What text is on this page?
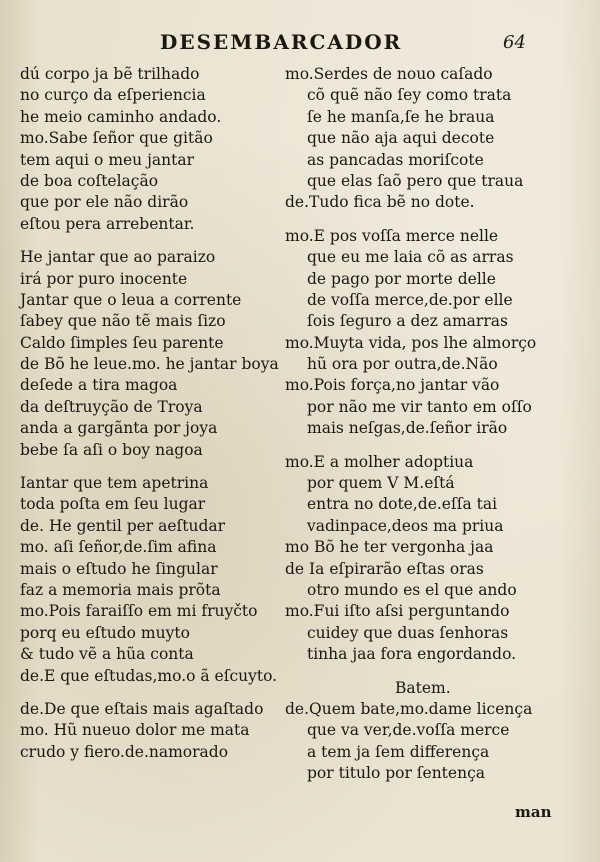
DESEMBARCADOR	64
dú corpo ja bẽ trilhado
no curço da eſperiencia
he meio caminho andado.
mo.Sabe ſeñor que gitão
tem aqui o meu jantar
de boa coſtelação
que por ele não dirão
eſtou pera arrebentar.
He jantar que ao paraizo
irá por puro inocente
Jantar que o leua a corrente
ſabey que não tẽ mais ſizo
Caldo ſimples ſeu parente
de Bõ he leue.mo. he jantar boya
deſede a tira magoa
da deſtruyção de Troya
anda a gargãnta por joya
bebe ſa aſi o boy nagoa
Iantar que tem apetrina
toda poſta em ſeu lugar
de. He gentil per aeſtudar
mo. aſi ſeñor,de.ſim afina
mais o eſtudo he ſingular
faz a memoria mais prõta
mo.Pois faraiſſo em mi fruyčto
porq eu eſtudo muyto
& tudo vẽ a hũa conta
de.E que eſtudas,mo.o ã eſcuyto.
de.De que eſtais mais agaſtado
mo. Hũ nueuo dolor me mata
crudo y fiero.de.namorado
mo.Serdes de nouo caſado
cõ quẽ não ſey como trata
ſe he manſa,ſe he braua
que não aja aqui decote
as pancadas moriſcote
que elas ſaõ pero que traua
de.Tudo fica bẽ no dote.
mo.E pos voſſa merce nelle
que eu me laia cõ as arras
de pago por morte delle
de voſſa merce,de.por elle
ſois ſeguro a dez amarras
mo.Muyta vida, pos lhe almorço
hũ ora por outra,de.Não
mo.Pois força,no jantar vão
por não me vir tanto em oſſo
mais neſgas,de.ſeñor irão
mo.E a molher adoptiua
por quem V M.eſtá
entra no dote,de.eſſa tai
vadinpace,deos ma priua
mo Bõ he ter vergonha jaa
de Ia eſpirarão eſtas oras
otro mundo es el que ando
mo.Fui iſto aſsi perguntando
cuidey que duas ſenhoras
tinha jaa fora engordando.
Batem.
de.Quem bate,mo.dame licença
que va ver,de.voſſa merce
a tem ja ſem differença
por titulo por ſentença
man
